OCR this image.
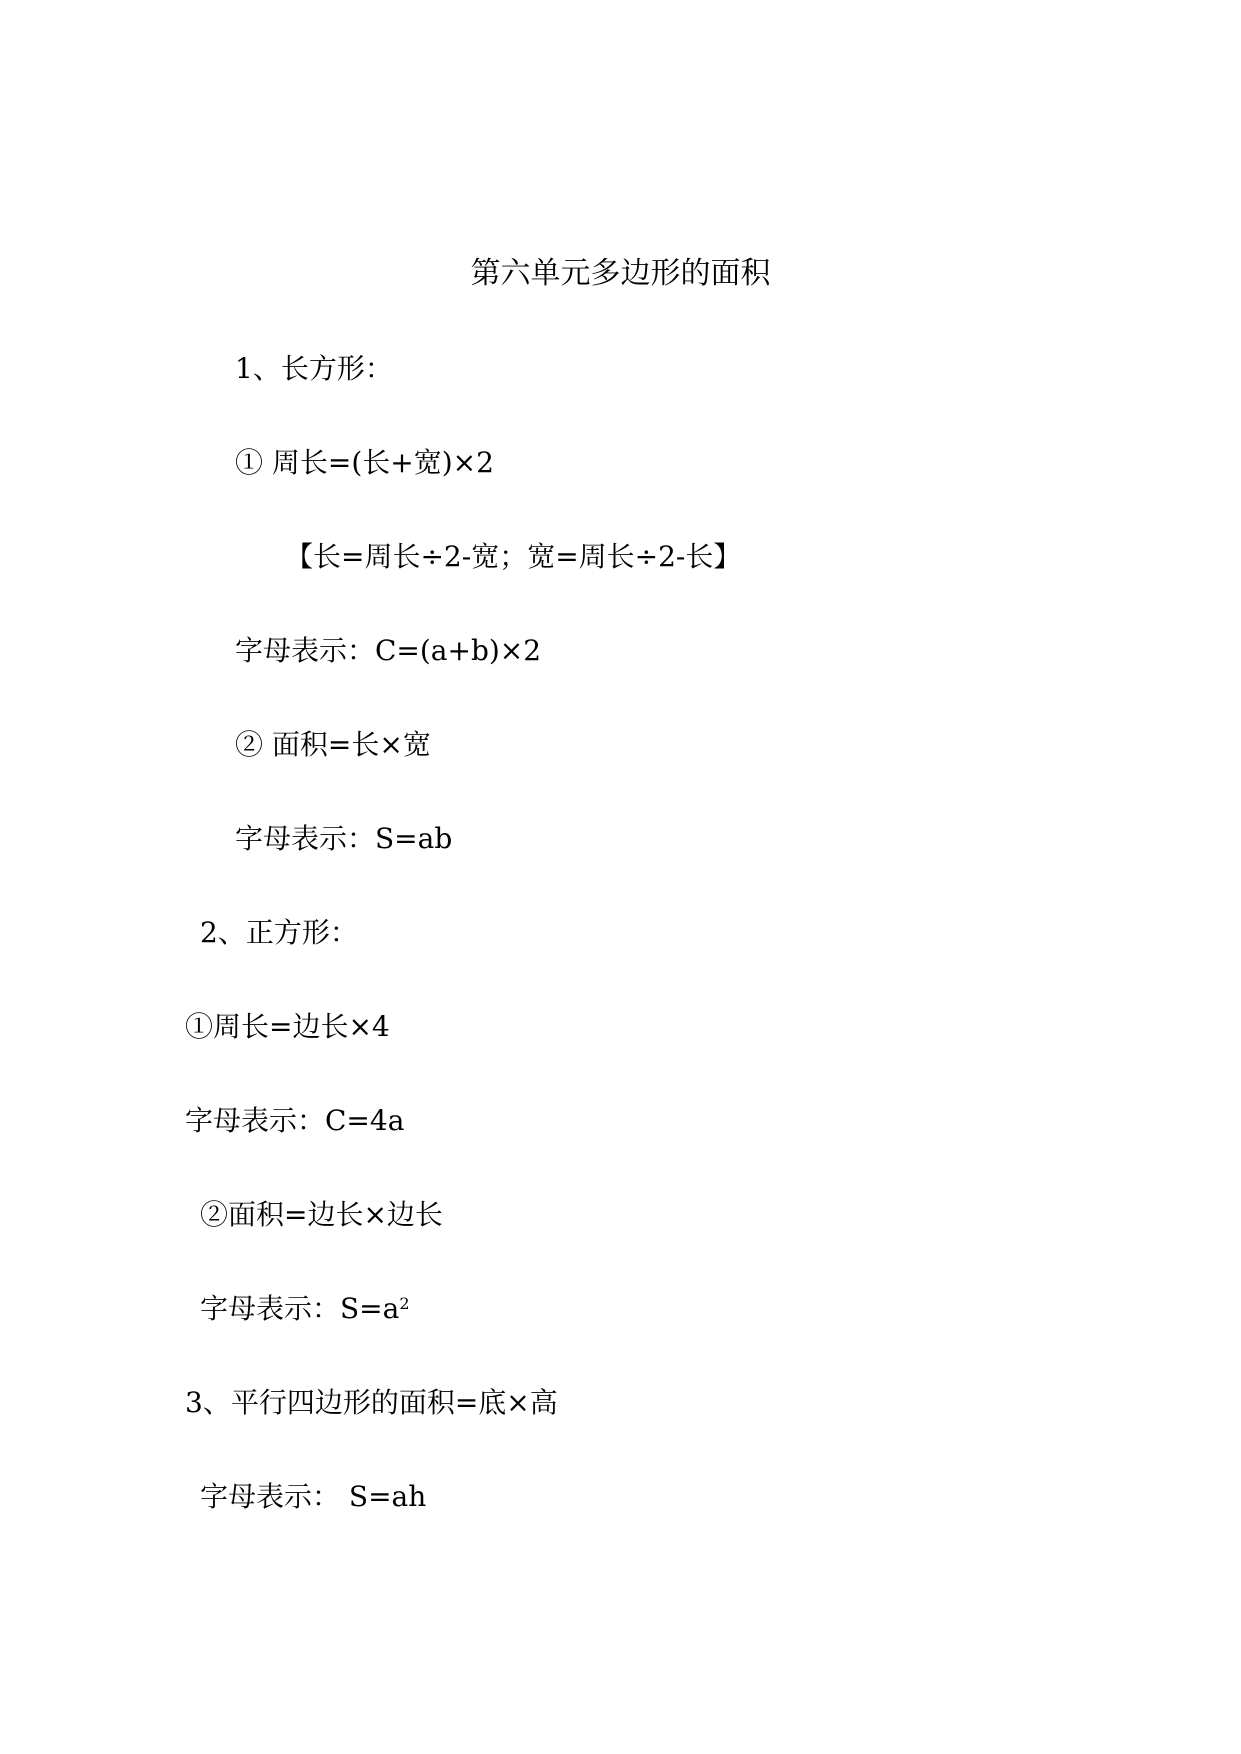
第六单元多边形的面积
1、长方形：
① 周长=(长+宽)×2
【长=周长÷2-宽；宽=周长÷2-长】
字母表示：C=(a+b)×2
② 面积=长×宽
字母表示：S=ab
2、正方形：
①周长=边长×4
字母表示：C=4a
②面积=边长×边长
字母表示：$S=a^2$
3、平行四边形的面积=底×高
字母表示： S=ah
